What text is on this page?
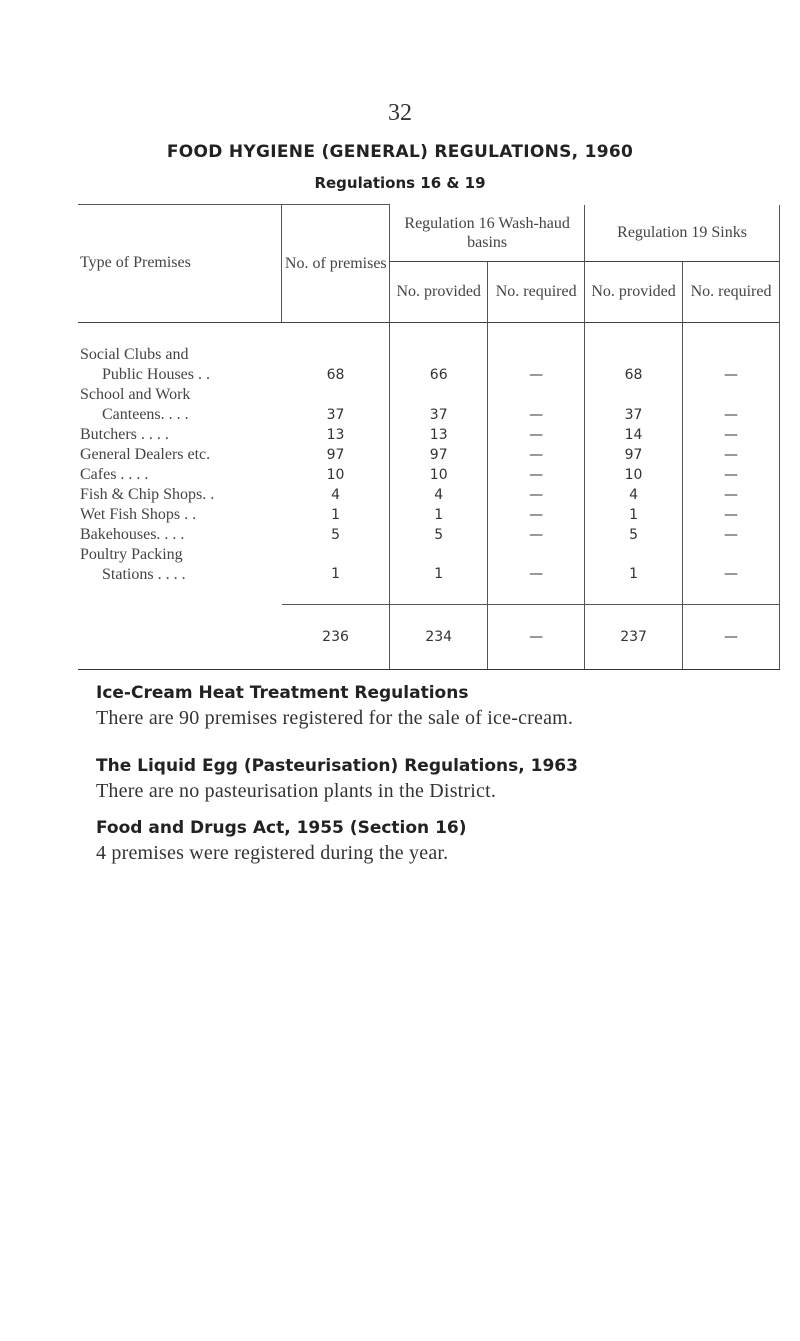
32
FOOD HYGIENE (GENERAL) REGULATIONS, 1960
Regulations 16 & 19
Type of Premises	No. of premises	Regulation 16 Wash-haud basins		Regulation 19 Sinks	
		No. provided	No. required	No. provided	No. required

Social Clubs and
Public Houses . .	68	66	—	68	—

School and Work
Canteens. . . .	37	37	—	37	—
Butchers . . . .	13	13	—	14	—
General Dealers etc.	97	97	—	97	—
Cafes . . . .	10	10	—	10	—
Fish & Chip Shops. .	4	4	—	4	—
Wet Fish Shops . .	1	1	—	1	—
Bakehouses. . . .	5	5	—	5	—

Poultry Packing
Stations . . . .	1	1	—	1	—
	236	234	—	237	—
Ice-Cream Heat Treatment Regulations
There are 90 premises registered for the sale of ice-cream.
The Liquid Egg (Pasteurisation) Regulations, 1963
There are no pasteurisation plants in the District.
Food and Drugs Act, 1955 (Section 16)
4 premises were registered during the year.
